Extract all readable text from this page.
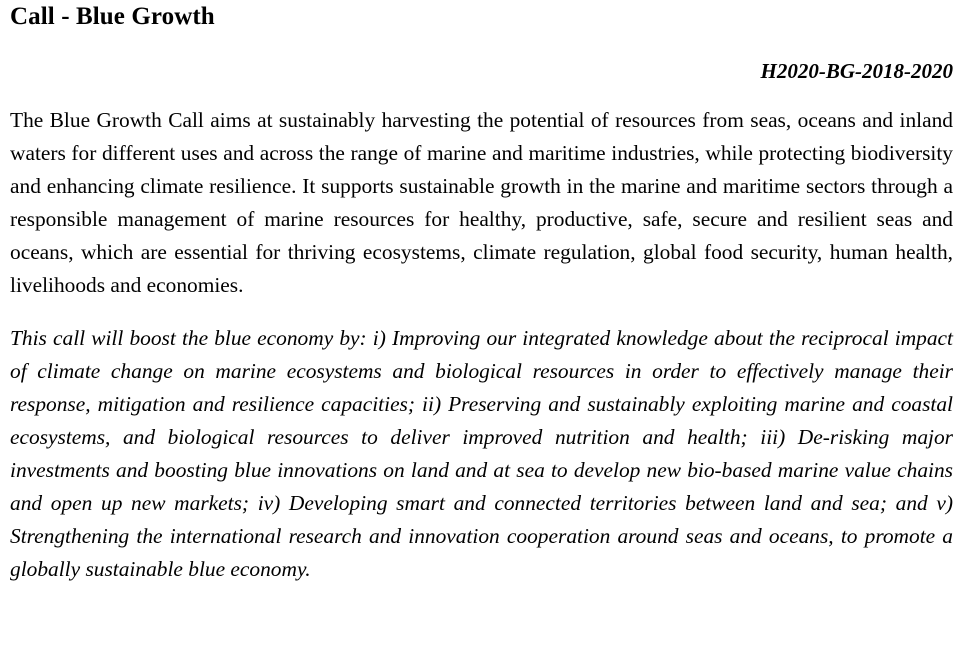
Call - Blue Growth

H2020-BG-2018-2020

The Blue Growth Call aims at sustainably harvesting the potential of resources from seas, oceans and inland waters for different uses and across the range of marine and maritime industries, while protecting biodiversity and enhancing climate resilience. It supports sustainable growth in the marine and maritime sectors through a responsible management of marine resources for healthy, productive, safe, secure and resilient seas and oceans, which are essential for thriving ecosystems, climate regulation, global food security, human health, livelihoods and economies.

This call will boost the blue economy by: i) Improving our integrated knowledge about the reciprocal impact of climate change on marine ecosystems and biological resources in order to effectively manage their response, mitigation and resilience capacities; ii) Preserving and sustainably exploiting marine and coastal ecosystems, and biological resources to deliver improved nutrition and health; iii) De-risking major investments and boosting blue innovations on land and at sea to develop new bio-based marine value chains and open up new markets; iv) Developing smart and connected territories between land and sea; and v) Strengthening the international research and innovation cooperation around seas and oceans, to promote a globally sustainable blue economy.
